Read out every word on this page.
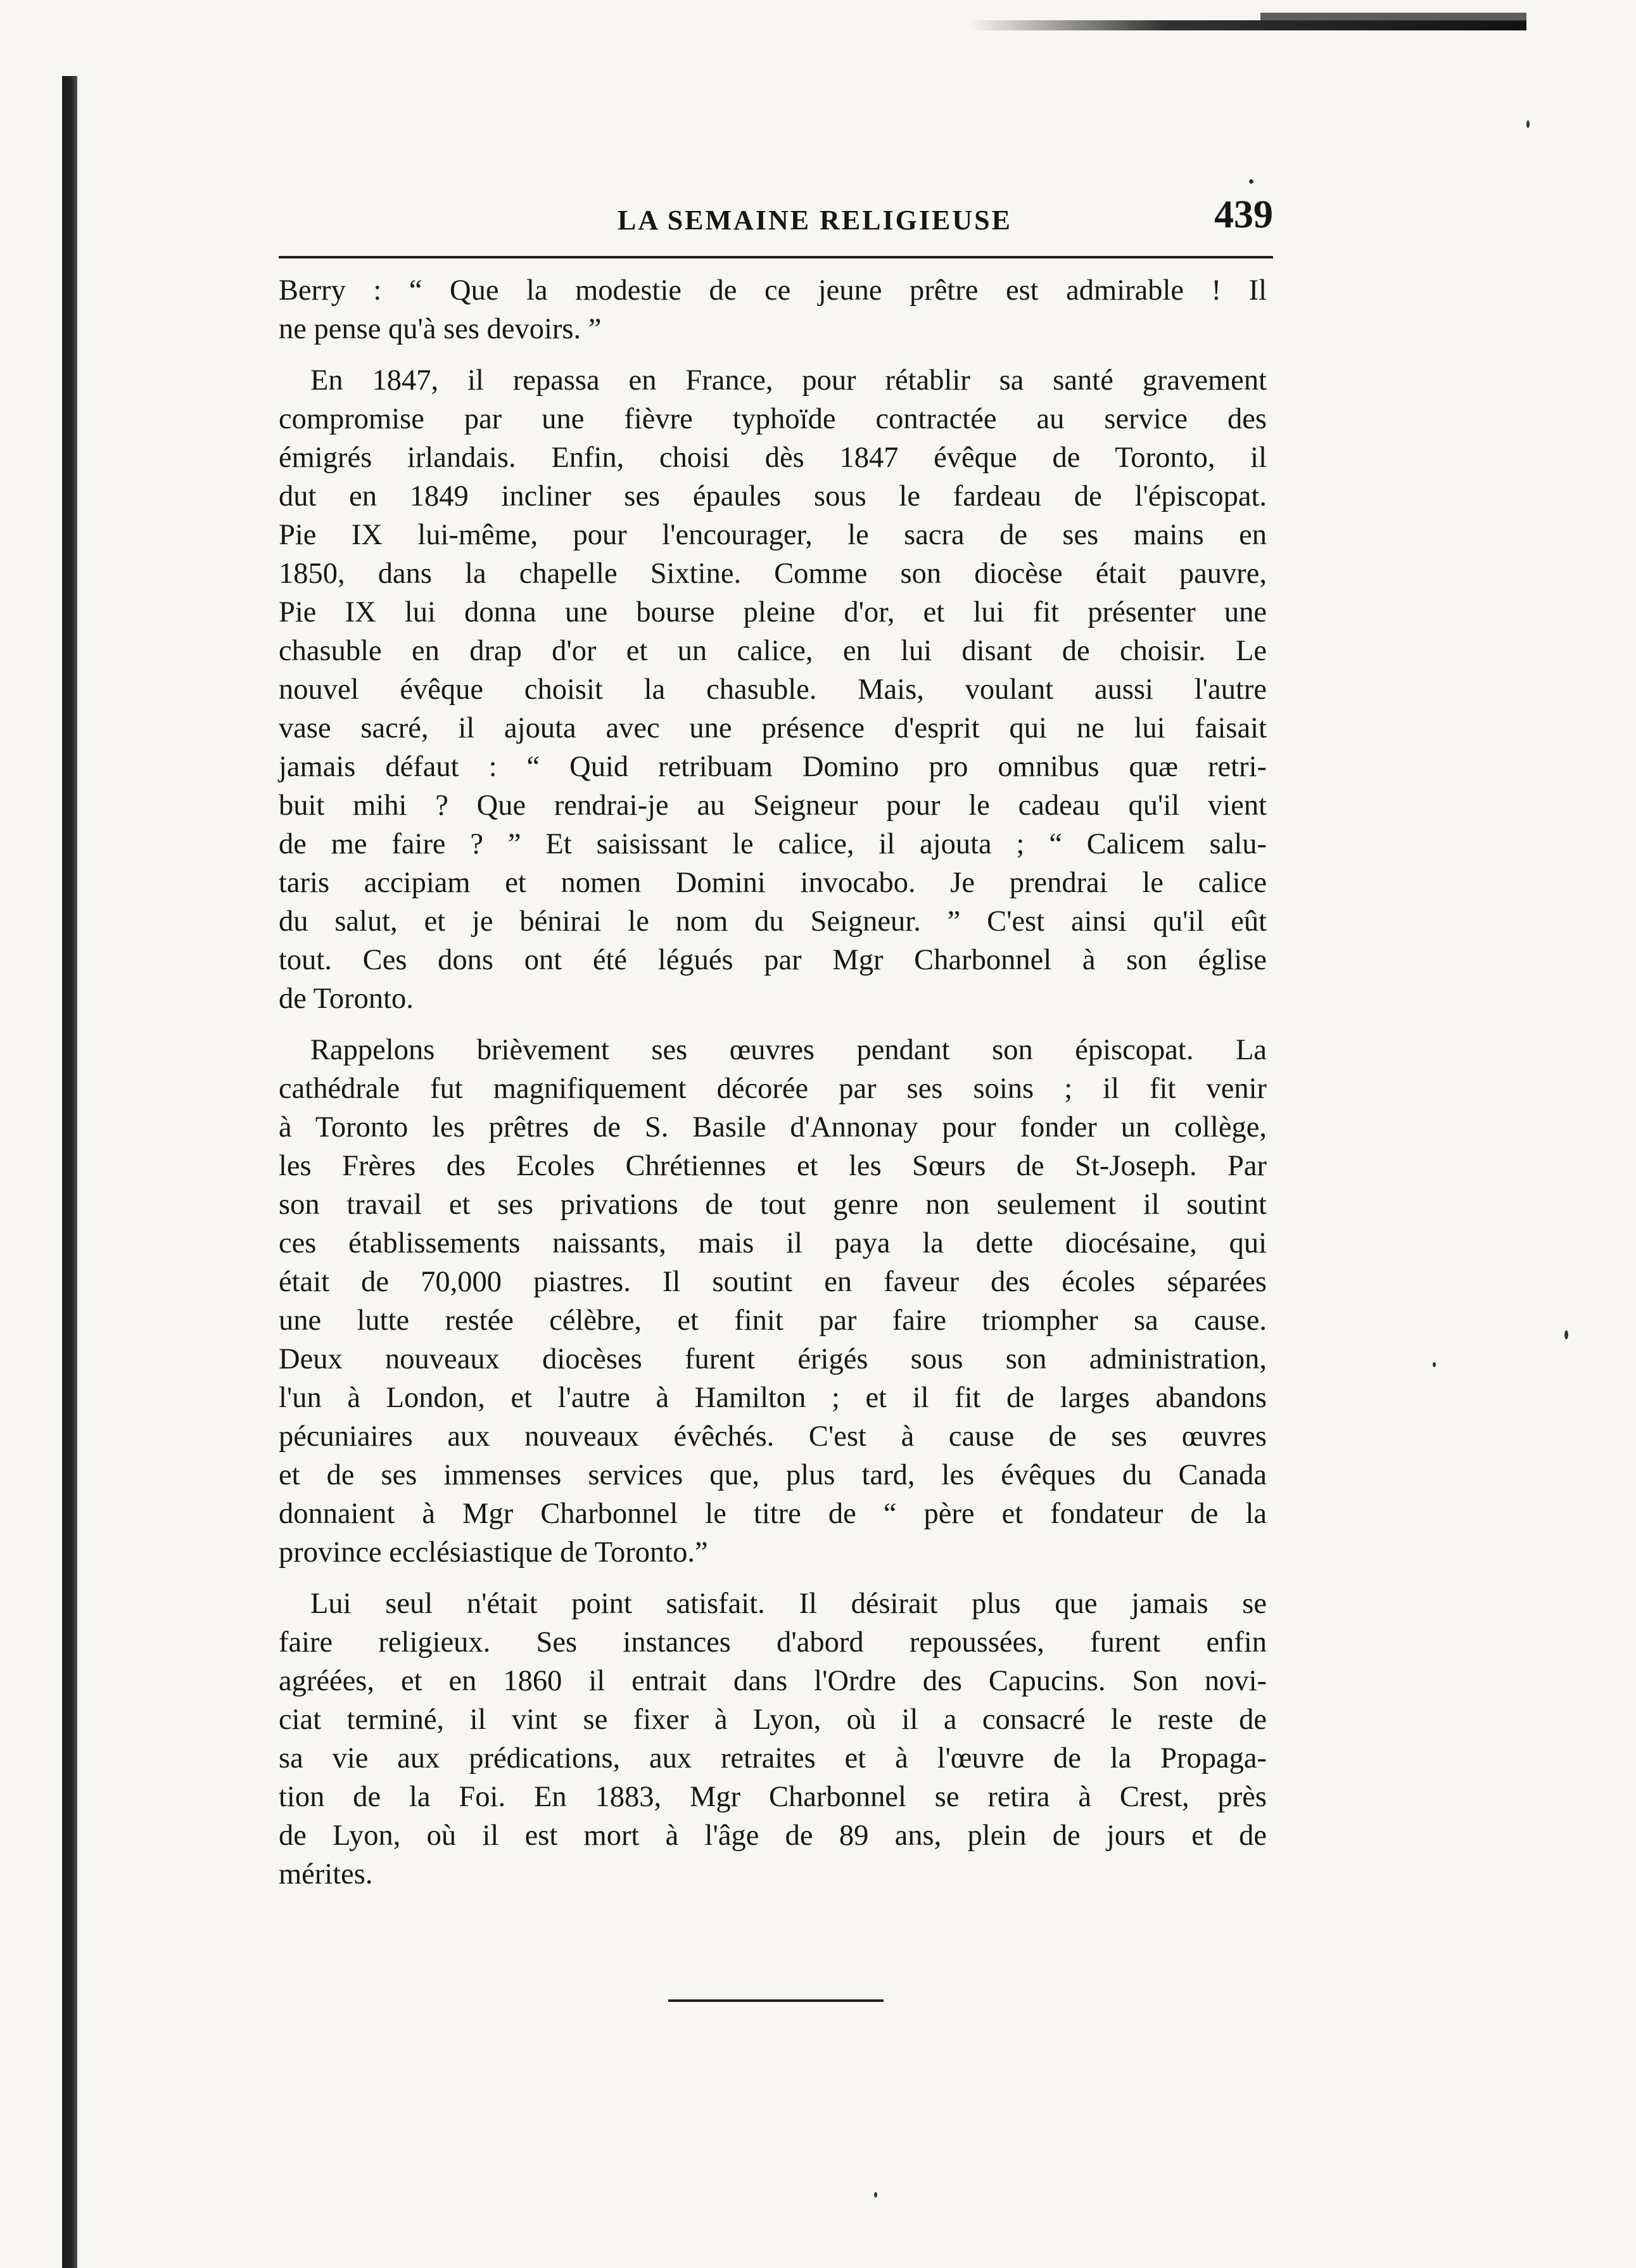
LA SEMAINE RELIGIEUSE	439
Berry : “ Que la modestie de ce jeune prêtre est admirable ! Il
ne pense qu'à ses devoirs. ”
En 1847, il repassa en France, pour rétablir sa santé gravement
compromise par une fièvre typhoïde contractée au service des
émigrés irlandais. Enfin, choisi dès 1847 évêque de Toronto, il
dut en 1849 incliner ses épaules sous le fardeau de l'épiscopat.
Pie IX lui-même, pour l'encourager, le sacra de ses mains en
1850, dans la chapelle Sixtine. Comme son diocèse était pauvre,
Pie IX lui donna une bourse pleine d'or, et lui fit présenter une
chasuble en drap d'or et un calice, en lui disant de choisir. Le
nouvel évêque choisit la chasuble. Mais, voulant aussi l'autre
vase sacré, il ajouta avec une présence d'esprit qui ne lui faisait
jamais défaut : “ Quid retribuam Domino pro omnibus quæ retri-
buit mihi ? Que rendrai-je au Seigneur pour le cadeau qu'il vient
de me faire ? ” Et saisissant le calice, il ajouta ; “ Calicem salu-
taris accipiam et nomen Domini invocabo. Je prendrai le calice
du salut, et je bénirai le nom du Seigneur. ” C'est ainsi qu'il eût
tout. Ces dons ont été légués par Mgr Charbonnel à son église
de Toronto.
Rappelons brièvement ses œuvres pendant son épiscopat. La
cathédrale fut magnifiquement décorée par ses soins ; il fit venir
à Toronto les prêtres de S. Basile d'Annonay pour fonder un collège,
les Frères des Ecoles Chrétiennes et les Sœurs de St-Joseph. Par
son travail et ses privations de tout genre non seulement il soutint
ces établissements naissants, mais il paya la dette diocésaine, qui
était de 70,000 piastres. Il soutint en faveur des écoles séparées
une lutte restée célèbre, et finit par faire triompher sa cause.
Deux nouveaux diocèses furent érigés sous son administration,
l'un à London, et l'autre à Hamilton ; et il fit de larges abandons
pécuniaires aux nouveaux évêchés. C'est à cause de ses œuvres
et de ses immenses services que, plus tard, les évêques du Canada
donnaient à Mgr Charbonnel le titre de “ père et fondateur de la
province ecclésiastique de Toronto.”
Lui seul n'était point satisfait. Il désirait plus que jamais se
faire religieux. Ses instances d'abord repoussées, furent enfin
agréées, et en 1860 il entrait dans l'Ordre des Capucins. Son novi-
ciat terminé, il vint se fixer à Lyon, où il a consacré le reste de
sa vie aux prédications, aux retraites et à l'œuvre de la Propaga-
tion de la Foi. En 1883, Mgr Charbonnel se retira à Crest, près
de Lyon, où il est mort à l'âge de 89 ans, plein de jours et de
mérites.
